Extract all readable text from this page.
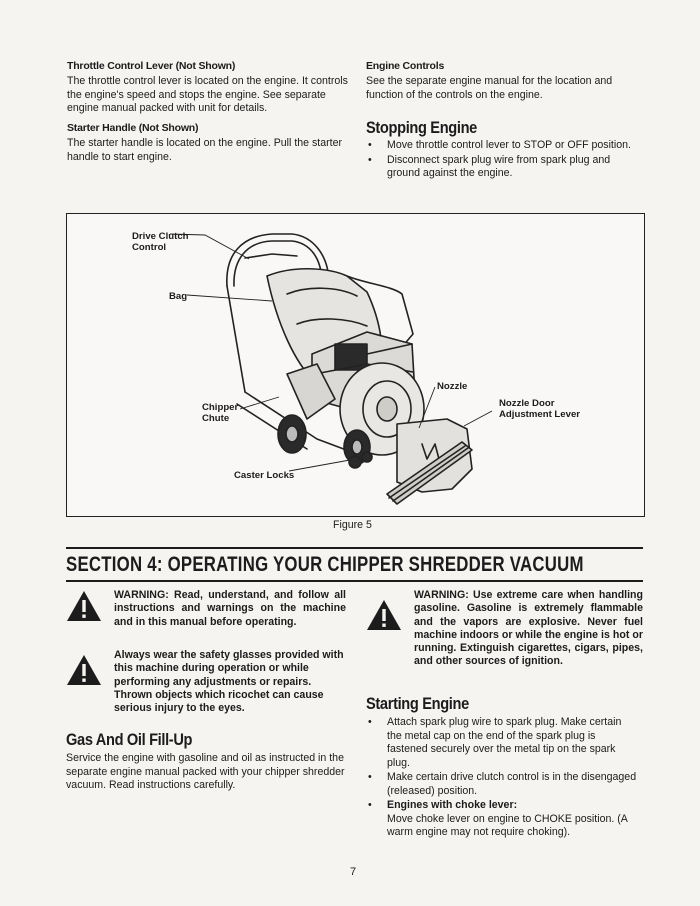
Throttle Control Lever (Not Shown)
The throttle control lever is located on the engine. It controls the engine's speed and stops the engine. See separate engine manual packed with unit for details.
Starter Handle (Not Shown)
The starter handle is located on the engine. Pull the starter handle to start engine.
Engine Controls
See the separate engine manual for the location and function of the controls on the engine.
Stopping Engine
• Move throttle control lever to STOP or OFF position.
• Disconnect spark plug wire from spark plug and ground against the engine.
Drive Clutch Control
Bag
Nozzle
Nozzle Door Adjustment Lever
Chipper Chute
Caster Locks
Figure 5
SECTION 4: OPERATING YOUR CHIPPER SHREDDER VACUUM
WARNING: Read, understand, and follow all instructions and warnings on the machine and in this manual before operating.
Always wear the safety glasses provided with this machine during operation or while performing any adjustments or repairs. Thrown objects which ricochet can cause serious injury to the eyes.
WARNING: Use extreme care when handling gasoline. Gasoline is extremely flammable and the vapors are explosive. Never fuel machine indoors or while the engine is hot or running. Extinguish cigarettes, cigars, pipes, and other sources of ignition.
Gas And Oil Fill-Up
Service the engine with gasoline and oil as instructed in the separate engine manual packed with your chipper shredder vacuum. Read instructions carefully.
Starting Engine
• Attach spark plug wire to spark plug. Make certain the metal cap on the end of the spark plug is fastened securely over the metal tip on the spark plug.
• Make certain drive clutch control is in the disengaged (released) position.
• Engines with choke lever:
Move choke lever on engine to CHOKE position. (A warm engine may not require choking).
7
